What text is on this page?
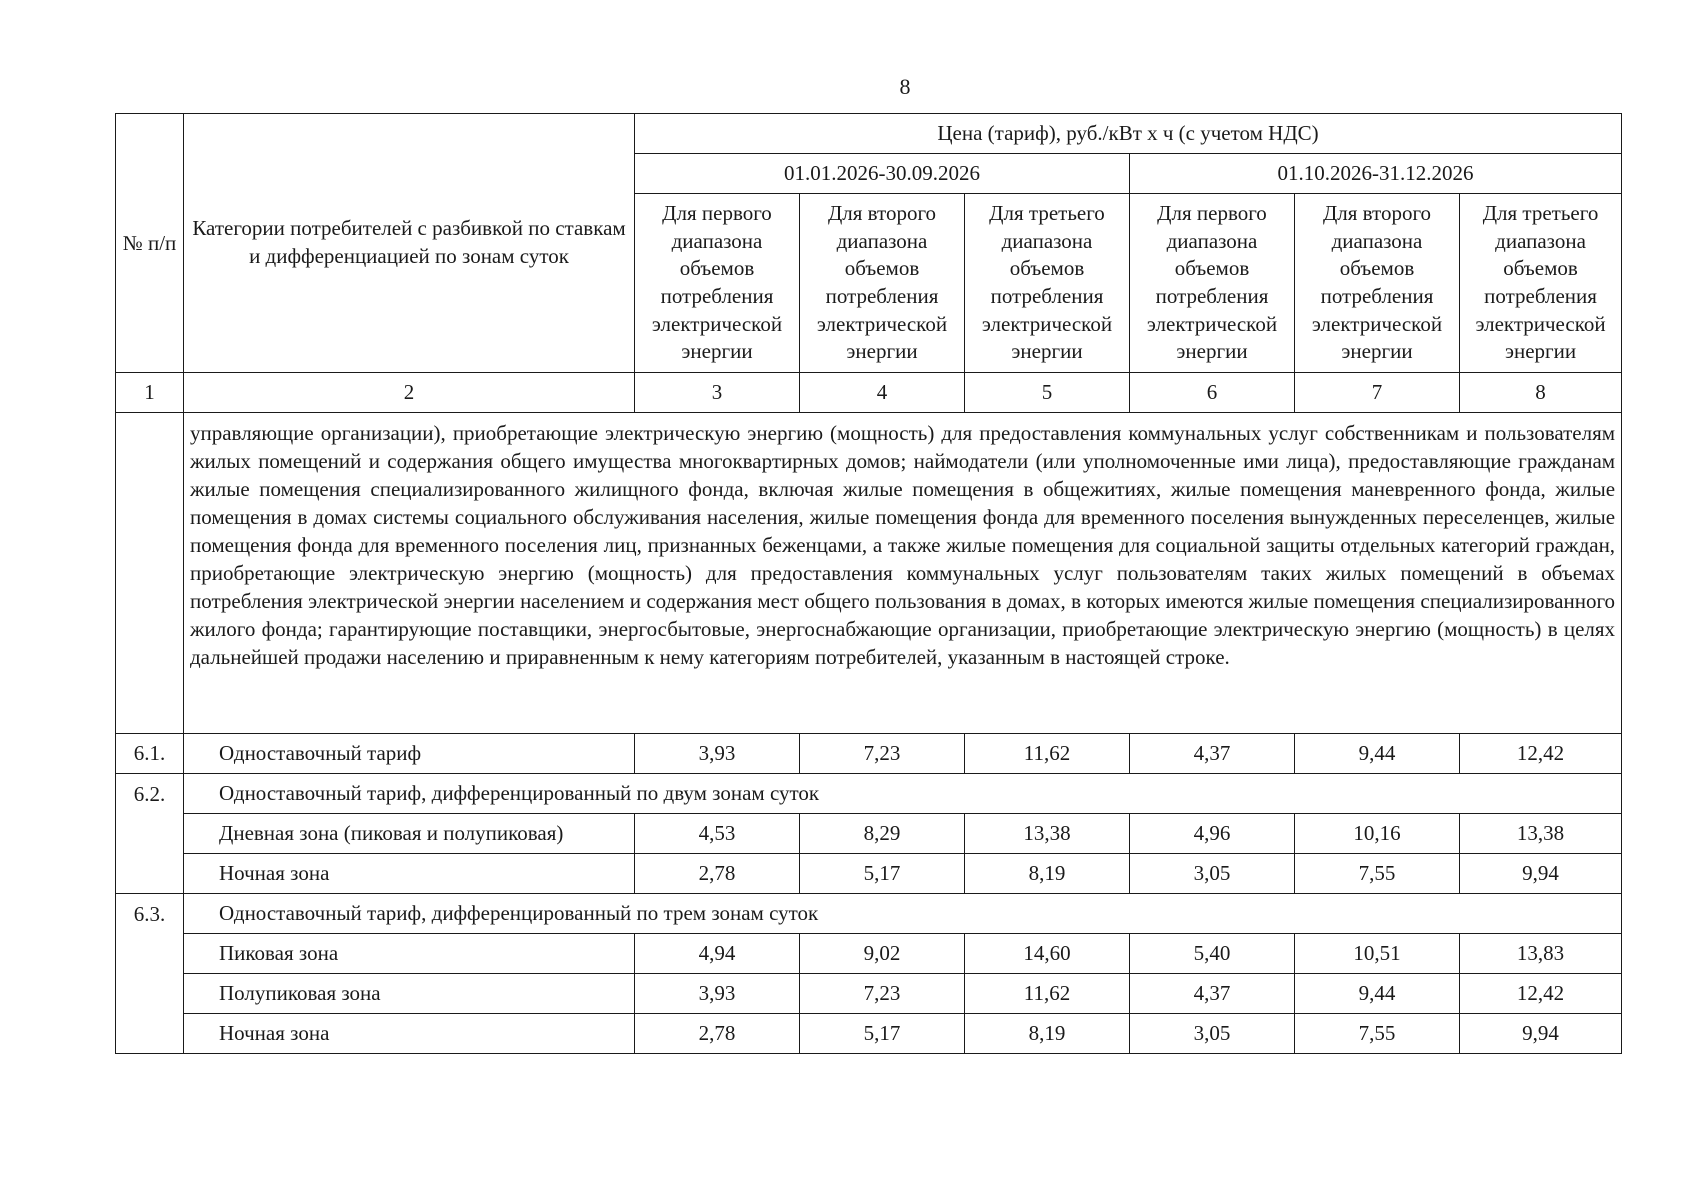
8
№ п/п	Категории потребителей с разбивкой по ставкам и дифференциацией по зонам суток	Цена (тариф), руб./кВт х ч (с учетом НДС)					
		01.01.2026-30.09.2026			01.10.2026-31.12.2026		
		Для первого диапазона объемов потребления электрической энергии	Для второго диапазона объемов потребления электрической энергии	Для третьего диапазона объемов потребления электрической энергии	Для первого диапазона объемов потребления электрической энергии	Для второго диапазона объемов потребления электрической энергии	Для третьего диапазона объемов потребления электрической энергии
1	2	3	4	5	6	7	8
	управляющие организации), приобретающие электрическую энергию (мощность) для предоставления коммунальных услуг собственникам и пользователям жилых помещений и содержания общего имущества многоквартирных домов; наймодатели (или уполномоченные ими лица), предоставляющие гражданам жилые помещения специализированного жилищного фонда, включая жилые помещения в общежитиях, жилые помещения маневренного фонда, жилые помещения в домах системы социального обслуживания населения, жилые помещения фонда для временного поселения вынужденных переселенцев, жилые помещения фонда для временного поселения лиц, признанных беженцами, а также жилые помещения для социальной защиты отдельных категорий граждан, приобретающие электрическую энергию (мощность) для предоставления коммунальных услуг пользователям таких жилых помещений в объемах потребления электрической энергии населением и содержания мест общего пользования в домах, в которых имеются жилые помещения специализированного жилого фонда; гарантирующие поставщики, энергосбытовые, энергоснабжающие организации, приобретающие электрическую энергию (мощность) в целях дальнейшей продажи населению и приравненным к нему категориям потребителей, указанным в настоящей строке.						
6.1.	Одноставочный тариф	3,93	7,23	11,62	4,37	9,44	12,42
6.2.	Одноставочный тариф, дифференцированный по двум зонам суток						
	Дневная зона (пиковая и полупиковая)	4,53	8,29	13,38	4,96	10,16	13,38
	Ночная зона	2,78	5,17	8,19	3,05	7,55	9,94
6.3.	Одноставочный тариф, дифференцированный по трем зонам суток						
	Пиковая зона	4,94	9,02	14,60	5,40	10,51	13,83
	Полупиковая зона	3,93	7,23	11,62	4,37	9,44	12,42
	Ночная зона	2,78	5,17	8,19	3,05	7,55	9,94
